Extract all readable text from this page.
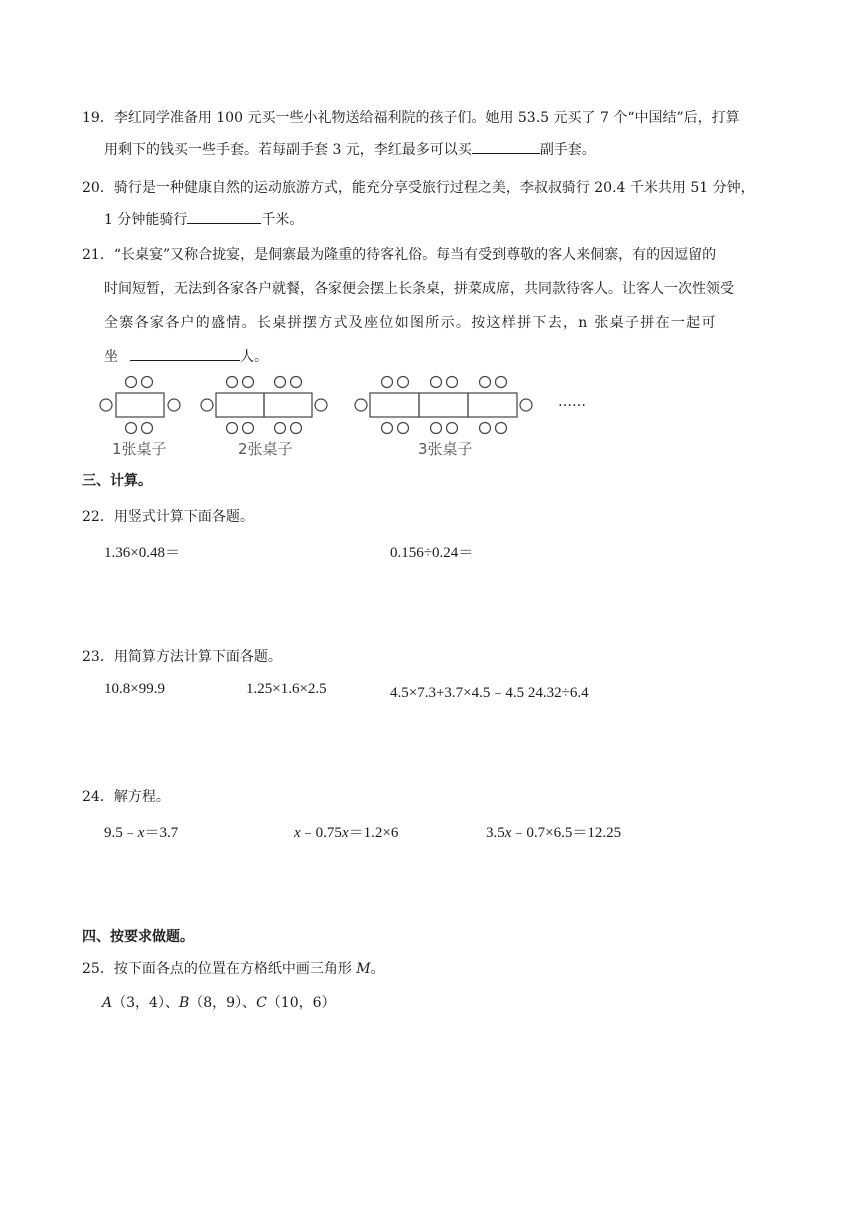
19．李红同学准备用 100 元买一些小礼物送给福利院的孩子们。她用 53.5 元买了 7 个“中国结”后，打算
用剩下的钱买一些手套。若每副手套 3 元，李红最多可以买	副手套。
20．骑行是一种健康自然的运动旅游方式，能充分享受旅行过程之美，李叔叔骑行 20.4 千米共用 51 分钟，
1 分钟能骑行	千米。
21．“长桌宴”又称合拢宴，是侗寨最为隆重的待客礼俗。每当有受到尊敬的客人来侗寨，有的因逗留的
时间短暂，无法到各家各户就餐，各家便会摆上长条桌，拼菜成席，共同款待客人。让客人一次性领受
全寨各家各户的盛情。长桌拼摆方式及座位如图所示。按这样拼下去，n 张桌子拼在一起可
坐	人。
……
1张桌子	2张桌子	3张桌子
三、计算。
22．用竖式计算下面各题。
1.36×0.48＝	0.156÷0.24＝
23．用简算方法计算下面各题。
10.8×99.9	1.25×1.6×2.5	4.5×7.3+3.7×4.5﹣4.5 24.32÷6.4
24．解方程。
9.5﹣x＝3.7	x﹣0.75x＝1.2×6	3.5x﹣0.7×6.5＝12.25
四、按要求做题。
25．按下面各点的位置在方格纸中画三角形 M。
A（3，4）、B（8，9）、C（10，6）
